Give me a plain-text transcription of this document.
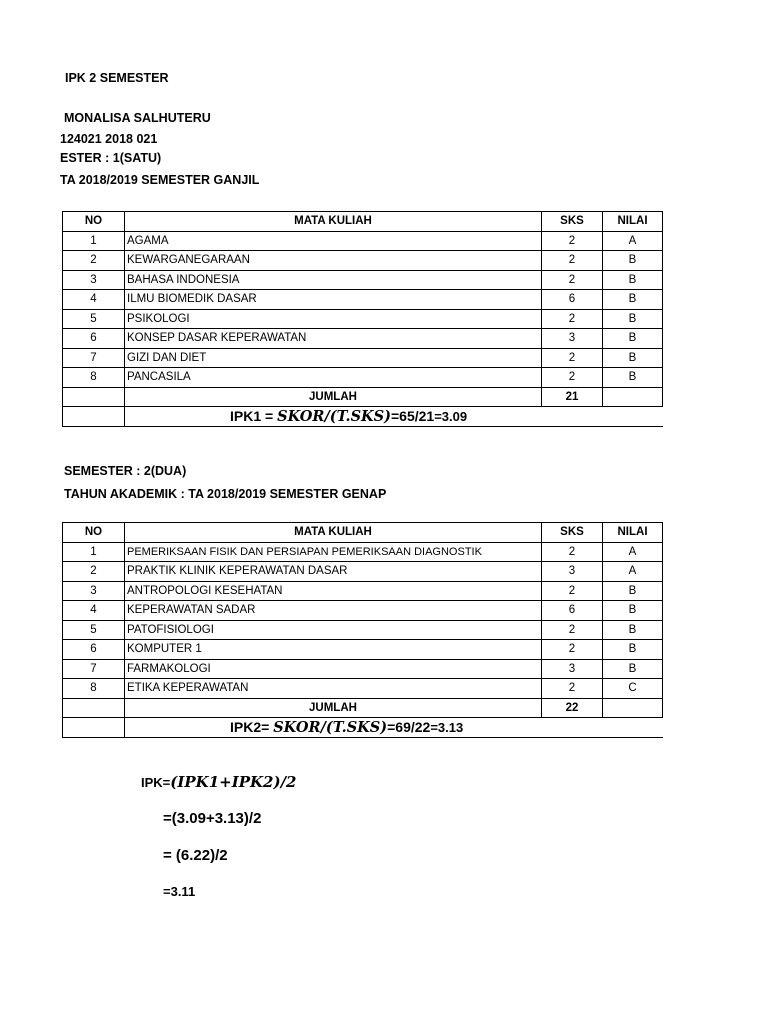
IPK 2 SEMESTER
MONALISA SALHUTERU
124021 2018 021
ESTER : 1(SATU)
TA 2018/2019 SEMESTER GANJIL
NO	MATA KULIAH	SKS	NILAI
1	AGAMA	2	A
2	KEWARGANEGARAAN	2	B
3	BAHASA INDONESIA	2	B
4	ILMU BIOMEDIK DASAR	6	B
5	PSIKOLOGI	2	B
6	KONSEP DASAR KEPERAWATAN	3	B
7	GIZI DAN DIET	2	B
8	PANCASILA	2	B
	JUMLAH	21	
	IPK1 = SKOR/(T.SKS)=65/21=3.09		
SEMESTER : 2(DUA)
TAHUN AKADEMIK : TA 2018/2019 SEMESTER GENAP
NO	MATA KULIAH	SKS	NILAI
1	PEMERIKSAAN FISIK DAN PERSIAPAN PEMERIKSAAN DIAGNOSTIK	2	A
2	PRAKTIK KLINIK KEPERAWATAN DASAR	3	A
3	ANTROPOLOGI KESEHATAN	2	B
4	KEPERAWATAN SADAR	6	B
5	PATOFISIOLOGI	2	B
6	KOMPUTER 1	2	B
7	FARMAKOLOGI	3	B
8	ETIKA KEPERAWATAN	2	C
	JUMLAH	22	
	IPK2= SKOR/(T.SKS)=69/22=3.13		
IPK=(IPK1+IPK2)/2
=(3.09+3.13)/2
= (6.22)/2
=3.11
